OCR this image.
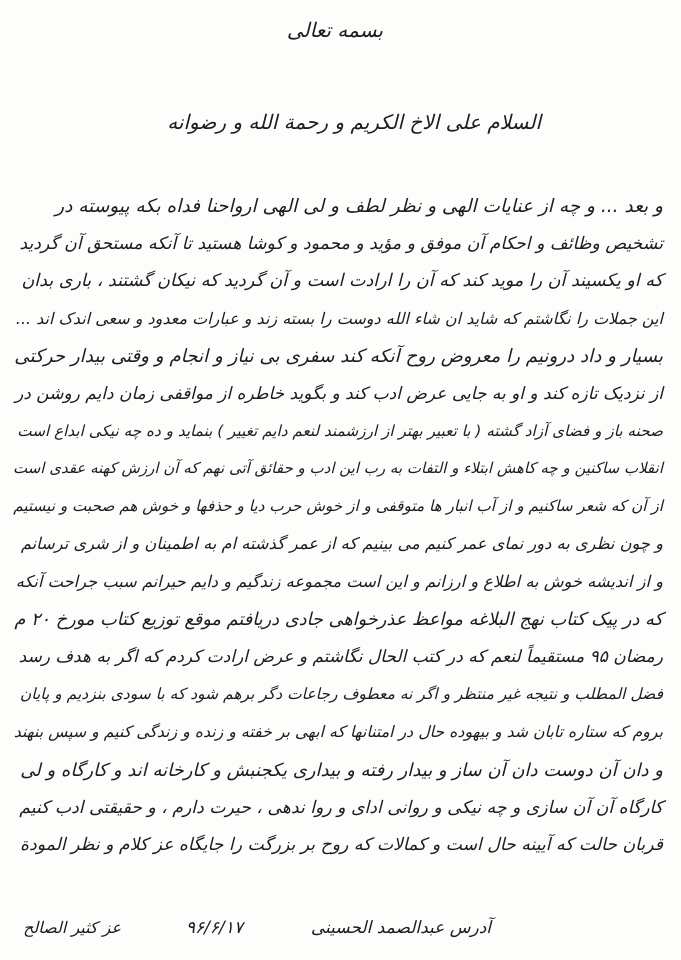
بسمه تعالی
السلام علی الاخ الکریم و رحمة الله و رضوانه
و بعد ... و چه از عنایات الهی و نظر لطف و لی الهی ارواحنا فداه بکه پیوسته در
تشخیص وظائف و احکام آن موفق و مؤید و محمود و کوشا هستید تا آنکه مستحق آن گردید
که او یکسیند آن را موید کند که آن را ارادت است و آن گردید که نیکان گشتند ، باری بدان
این جملات را نگاشتم که شاید ان شاء الله دوست را بسته زند و عبارات معدود و سعی اندک اند ...
بسیار و داد درونیم را معروض روح آنکه کند سفری بی نیاز و انجام و وقتی بیدار حرکتی
از نزدیک تازه کند و او به جایی عرض ادب کند و بگوید خاطره از مواقفی زمان دایم روشن در
صحنه باز و فضای آزاد گشته ( با تعبیر بهتر از ارزشمند لنعم دایم تغییر ) بنماید و ده چه نیکی ابداع است
انقلاب ساکنین و چه کاهش ابتلاء و التفات به رب این ادب و حقائق آتی نهم که آن ارزش کهنه عقدی است
از آن که شعر ساکنیم و از آب انبار ها متوقفی و از خوش حرب دیا و حذفها و خوش هم صحبت و نیستیم
و چون نظری به دور نمای عمر کنیم می بینیم که از عمر گذشته ام به اطمینان و از شری ترسانم
و از اندیشه خوش به اطلاع و ارزانم و این است مجموعه زندگیم و دایم حیرانم سبب جراحت آنکه
که در پیک کتاب نهج البلاغه مواعظ عذرخواهی جادی دریافتم موقع توزیع کتاب مورخ ۲۰ م
رمضان ۹۵ مستقیماً لنعم که در کتب الحال نگاشتم و عرض ارادت کردم که اگر به هدف رسد
فضل المطلب و نتیجه غیر منتظر و اگر نه معطوف رجاعات دگر برهم شود که با سودی بنزدیم و پایان
بروم که ستاره تابان شد و بیهوده حال در امتنانها که ابهی بر خفته و زنده و زندگی کنیم و سپس بنهند
و دان آن دوست دان آن ساز و بیدار رفته و بیداری یکجنبش و کارخانه اند و کارگاه و لی
کارگاه آن آن سازی و چه نیکی و روانی ادای و روا ندهی ، حیرت دارم ، و حقیقتی ادب کنیم
قربان حالت که آیینه حال است و کمالات که روح بر بزرگت را جایگاه عز کلام و نظر المودة
۹۶/۶/۱۷
عز کثیر الصالح	آدرس عبدالصمد الحسینی
